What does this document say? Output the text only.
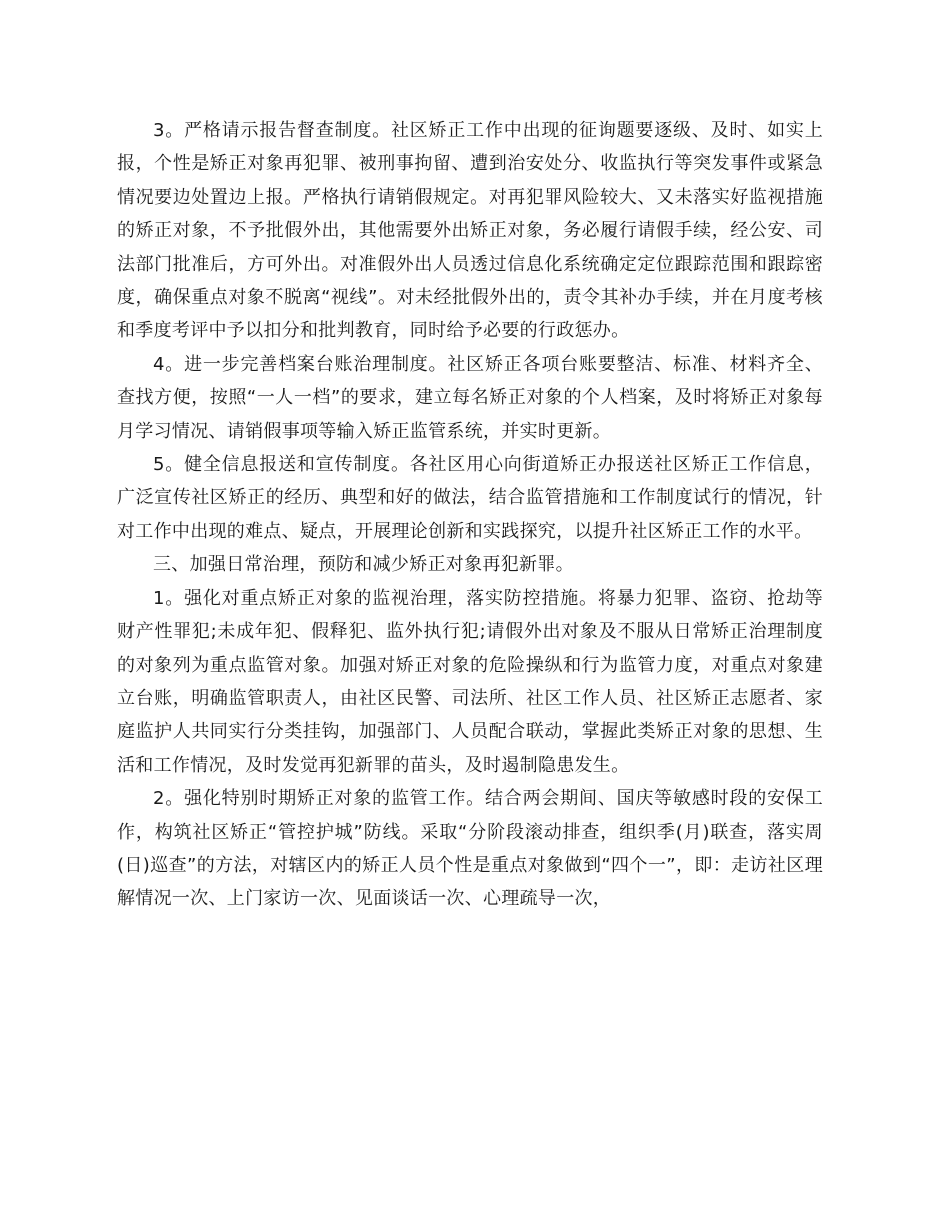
3。严格请示报告督查制度。社区矫正工作中出现的征询题要逐级、及时、如实上报，个性是矫正对象再犯罪、被刑事拘留、遭到治安处分、收监执行等突发事件或紧急情况要边处置边上报。严格执行请销假规定。对再犯罪风险较大、又未落实好监视措施的矫正对象，不予批假外出，其他需要外出矫正对象，务必履行请假手续，经公安、司法部门批准后，方可外出。对准假外出人员透过信息化系统确定定位跟踪范围和跟踪密度，确保重点对象不脱离“视线”。对未经批假外出的，责令其补办手续，并在月度考核和季度考评中予以扣分和批判教育，同时给予必要的行政惩办。

4。进一步完善档案台账治理制度。社区矫正各项台账要整洁、标准、材料齐全、查找方便，按照“一人一档”的要求，建立每名矫正对象的个人档案，及时将矫正对象每月学习情况、请销假事项等输入矫正监管系统，并实时更新。

5。健全信息报送和宣传制度。各社区用心向街道矫正办报送社区矫正工作信息，广泛宣传社区矫正的经历、典型和好的做法，结合监管措施和工作制度试行的情况，针对工作中出现的难点、疑点，开展理论创新和实践探究，以提升社区矫正工作的水平。

三、加强日常治理，预防和减少矫正对象再犯新罪。

1。强化对重点矫正对象的监视治理，落实防控措施。将暴力犯罪、盗窃、抢劫等财产性罪犯;未成年犯、假释犯、监外执行犯;请假外出对象及不服从日常矫正治理制度的对象列为重点监管对象。加强对矫正对象的危险操纵和行为监管力度，对重点对象建立台账，明确监管职责人，由社区民警、司法所、社区工作人员、社区矫正志愿者、家庭监护人共同实行分类挂钩，加强部门、人员配合联动，掌握此类矫正对象的思想、生活和工作情况，及时发觉再犯新罪的苗头，及时遏制隐患发生。

2。强化特别时期矫正对象的监管工作。结合两会期间、国庆等敏感时段的安保工作，构筑社区矫正“管控护城”防线。采取“分阶段滚动排查，组织季(月)联查，落实周(日)巡查”的方法，对辖区内的矫正人员个性是重点对象做到“四个一”，即：走访社区理解情况一次、上门家访一次、见面谈话一次、心理疏导一次，
